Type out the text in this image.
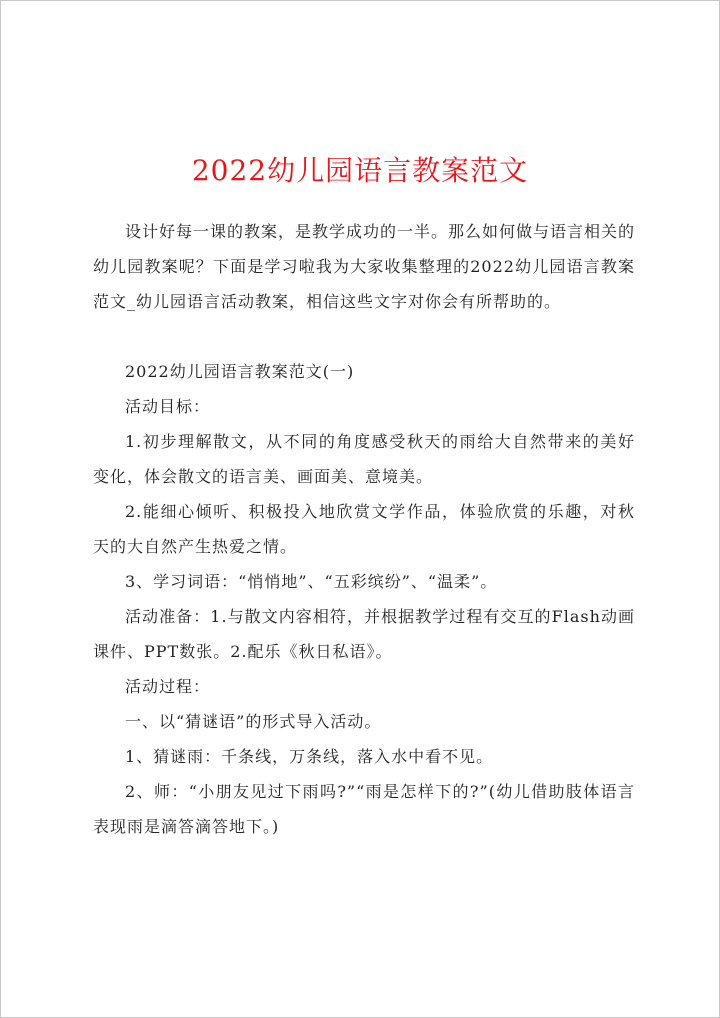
2022幼儿园语言教案范文

设计好每一课的教案，是教学成功的一半。那么如何做与语言相关的幼儿园教案呢？下面是学习啦我为大家收集整理的2022幼儿园语言教案范文_幼儿园语言活动教案，相信这些文字对你会有所帮助的。

2022幼儿园语言教案范文(一)

活动目标：

1.初步理解散文，从不同的角度感受秋天的雨给大自然带来的美好变化，体会散文的语言美、画面美、意境美。

2.能细心倾听、积极投入地欣赏文学作品，体验欣赏的乐趣，对秋天的大自然产生热爱之情。

3、学习词语：“悄悄地”、“五彩缤纷”、“温柔”。

活动准备：1.与散文内容相符，并根据教学过程有交互的Flash动画课件、PPT数张。2.配乐《秋日私语》。

活动过程：

一、以“猜谜语”的形式导入活动。

1、猜谜雨：千条线，万条线，落入水中看不见。

2、师：“小朋友见过下雨吗?”“雨是怎样下的?”(幼儿借助肢体语言表现雨是滴答滴答地下。)
